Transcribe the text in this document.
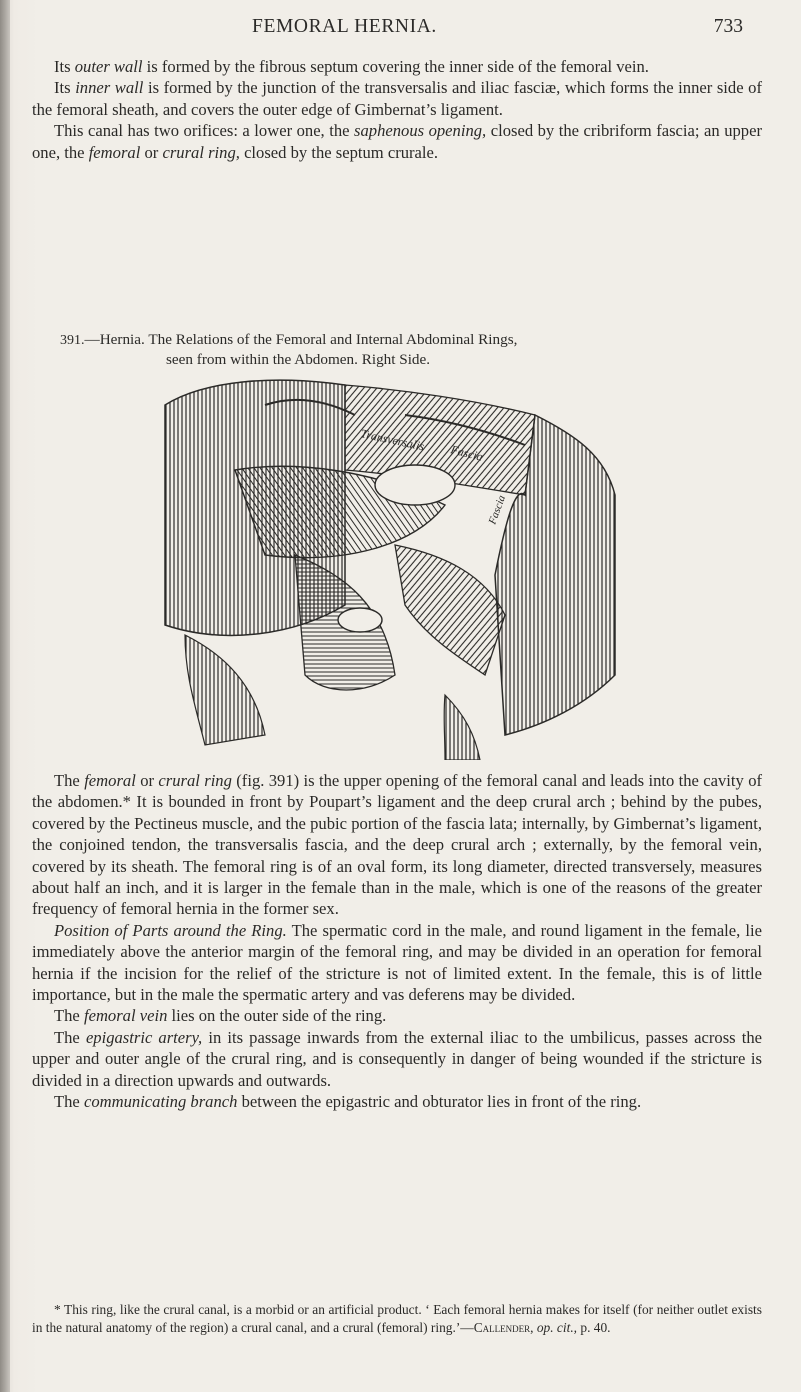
FEMORAL HERNIA.	733

Its outer wall is formed by the fibrous septum covering the inner side of the femoral vein.

Its inner wall is formed by the junction of the transversalis and iliac fasciæ, which forms the inner side of the femoral sheath, and covers the outer edge of Gimbernat’s ligament.

This canal has two orifices: a lower one, the saphenous opening, closed by the cribriform fascia; an upper one, the femoral or crural ring, closed by the septum crurale.

391.—Hernia. The Relations of the Femoral and Internal Abdominal Rings,
seen from within the Abdomen. Right Side.
Transversalis Fascia
Fascia

The femoral or crural ring (fig. 391) is the upper opening of the femoral canal and leads into the cavity of the abdomen.* It is bounded in front by Poupart’s ligament and the deep crural arch ; behind by the pubes, covered by the Pectineus muscle, and the pubic portion of the fascia lata; internally, by Gimbernat’s ligament, the conjoined tendon, the transversalis fascia, and the deep crural arch ; externally, by the femoral vein, covered by its sheath. The femoral ring is of an oval form, its long diameter, directed transversely, measures about half an inch, and it is larger in the female than in the male, which is one of the reasons of the greater frequency of femoral hernia in the former sex.

Position of Parts around the Ring. The spermatic cord in the male, and round ligament in the female, lie immediately above the anterior margin of the femoral ring, and may be divided in an operation for femoral hernia if the incision for the relief of the stricture is not of limited extent. In the female, this is of little importance, but in the male the spermatic artery and vas deferens may be divided.

The femoral vein lies on the outer side of the ring.

The epigastric artery, in its passage inwards from the external iliac to the umbilicus, passes across the upper and outer angle of the crural ring, and is consequently in danger of being wounded if the stricture is divided in a direction upwards and outwards.

The communicating branch between the epigastric and obturator lies in front of the ring.

* This ring, like the crural canal, is a morbid or an artificial product. ‘ Each femoral hernia makes for itself (for neither outlet exists in the natural anatomy of the region) a crural canal, and a crural (femoral) ring.’—Callender, op. cit., p. 40.
